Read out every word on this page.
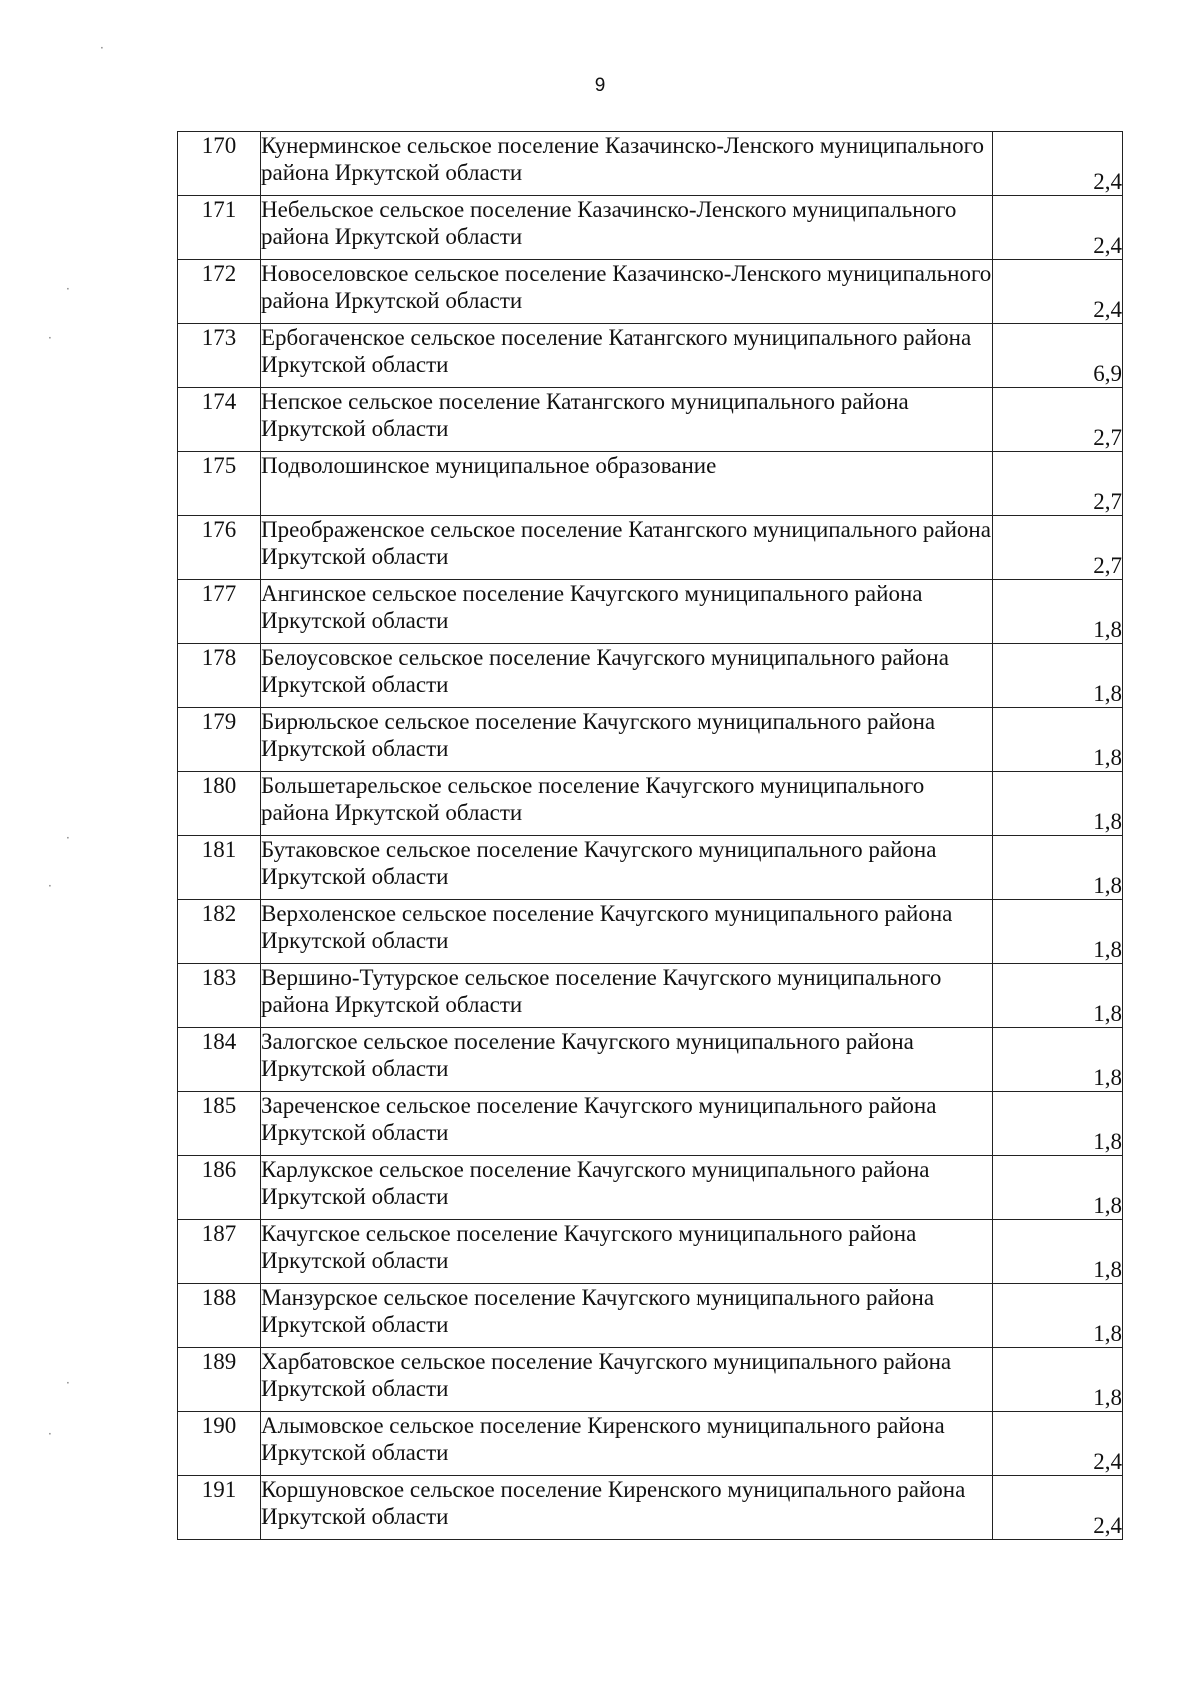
9
·
·
·
·
·
·
·
170	Кунерминское сельское поселение Казачинско-Ленского муниципального района Иркутской области	2,4
171	Небельское сельское поселение Казачинско-Ленского муниципального района Иркутской области	2,4
172	Новоселовское сельское поселение Казачинско-Ленского муниципального района Иркутской области	2,4
173	Ербогаченское сельское поселение Катангского муниципального района Иркутской области	6,9
174	Непское сельское поселение Катангского муниципального района Иркутской области	2,7
175	Подволошинское муниципальное образование	2,7
176	Преображенское сельское поселение Катангского муниципального района Иркутской области	2,7
177	Ангинское сельское поселение Качугского муниципального района Иркутской области	1,8
178	Белоусовское сельское поселение Качугского муниципального района Иркутской области	1,8
179	Бирюльское сельское поселение Качугского муниципального района Иркутской области	1,8
180	Большетарельское сельское поселение Качугского муниципального района Иркутской области	1,8
181	Бутаковское сельское поселение Качугского муниципального района Иркутской области	1,8
182	Верхоленское сельское поселение Качугского муниципального района Иркутской области	1,8
183	Вершино-Тутурское сельское поселение Качугского муниципального района Иркутской области	1,8
184	Залогское сельское поселение Качугского муниципального района Иркутской области	1,8
185	Зареченское сельское поселение Качугского муниципального района Иркутской области	1,8
186	Карлукское сельское поселение Качугского муниципального района Иркутской области	1,8
187	Качугское сельское поселение Качугского муниципального района Иркутской области	1,8
188	Манзурское сельское поселение Качугского муниципального района Иркутской области	1,8
189	Харбатовское сельское поселение Качугского муниципального района Иркутской области	1,8
190	Алымовское сельское поселение Киренского муниципального района Иркутской области	2,4
191	Коршуновское сельское поселение Киренского муниципального района Иркутской области	2,4
